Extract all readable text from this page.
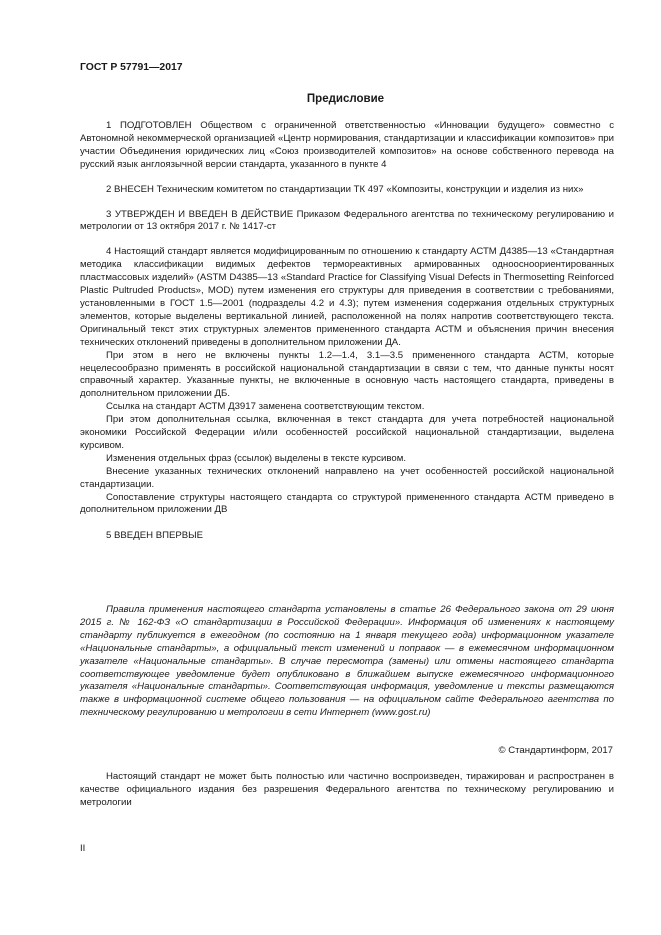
ГОСТ Р 57791—2017
Предисловие

1 ПОДГОТОВЛЕН Обществом с ограниченной ответственностью «Инновации будущего» совместно с Автономной некоммерческой организацией «Центр нормирования, стандартизации и классификации композитов» при участии Объединения юридических лиц «Союз производителей композитов» на основе собственного перевода на русский язык англоязычной версии стандарта, указанного в пункте 4

2 ВНЕСЕН Техническим комитетом по стандартизации ТК 497 «Композиты, конструкции и изделия из них»

3 УТВЕРЖДЕН И ВВЕДЕН В ДЕЙСТВИЕ Приказом Федерального агентства по техническому регулированию и метрологии от 13 октября 2017 г. № 1417-ст

4 Настоящий стандарт является модифицированным по отношению к стандарту АСТМ Д4385—13 «Стандартная методика классификации видимых дефектов термореактивных армированных одноосноориентированных пластмассовых изделий» (ASTM D4385—13 «Standard Practice for Classifying Visual Defects in Thermosetting Reinforced Plastic Pultruded Products», MOD) путем изменения его структуры для приведения в соответствии с требованиями, установленными в ГОСТ 1.5—2001 (подразделы 4.2 и 4.3); путем изменения содержания отдельных структурных элементов, которые выделены вертикальной линией, расположенной на полях напротив соответствующего текста. Оригинальный текст этих структурных элементов примененного стандарта АСТМ и объяснения причин внесения технических отклонений приведены в дополнительном приложении ДА.

При этом в него не включены пункты 1.2—1.4, 3.1—3.5 примененного стандарта АСТМ, которые нецелесообразно применять в российской национальной стандартизации в связи с тем, что данные пункты носят справочный характер. Указанные пункты, не включенные в основную часть настоящего стандарта, приведены в дополнительном приложении ДБ.

Ссылка на стандарт АСТМ Д3917 заменена соответствующим текстом.

При этом дополнительная ссылка, включенная в текст стандарта для учета потребностей национальной экономики Российской Федерации и/или особенностей российской национальной стандартизации, выделена курсивом.

Изменения отдельных фраз (ссылок) выделены в тексте курсивом.

Внесение указанных технических отклонений направлено на учет особенностей российской национальной стандартизации.

Сопоставление структуры настоящего стандарта со структурой примененного стандарта АСТМ приведено в дополнительном приложении ДВ

5 ВВЕДЕН ВПЕРВЫЕ

Правила применения настоящего стандарта установлены в статье 26 Федерального закона от 29 июня 2015 г. № 162-ФЗ «О стандартизации в Российской Федерации». Информация об изменениях к настоящему стандарту публикуется в ежегодном (по состоянию на 1 января текущего года) информационном указателе «Национальные стандарты», а официальный текст изменений и поправок — в ежемесячном информационном указателе «Национальные стандарты». В случае пересмотра (замены) или отмены настоящего стандарта соответствующее уведомление будет опубликовано в ближайшем выпуске ежемесячного информационного указателя «Национальные стандарты». Соответствующая информация, уведомление и тексты размещаются также в информационной системе общего пользования — на официальном сайте Федерального агентства по техническому регулированию и метрологии в сети Интернет (www.gost.ru)

© Стандартинформ, 2017

Настоящий стандарт не может быть полностью или частично воспроизведен, тиражирован и распространен в качестве официального издания без разрешения Федерального агентства по техническому регулированию и метрологии

II
